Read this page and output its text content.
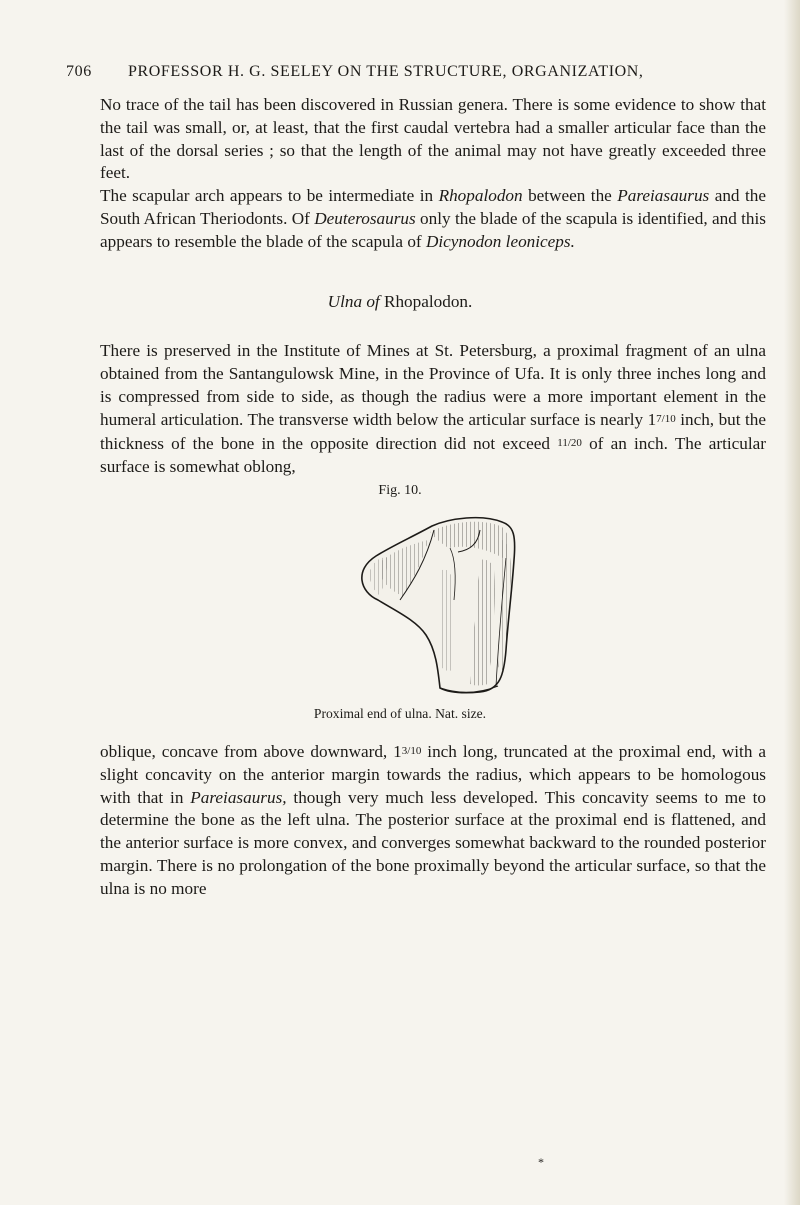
706 PROFESSOR H. G. SEELEY ON THE STRUCTURE, ORGANIZATION,

No trace of the tail has been discovered in Russian genera. There is some evidence to show that the tail was small, or, at least, that the first caudal vertebra had a smaller articular face than the last of the dorsal series ; so that the length of the animal may not have greatly exceeded three feet.

The scapular arch appears to be intermediate in Rhopalodon between the Pareiasaurus and the South African Theriodonts. Of Deuterosaurus only the blade of the scapula is identified, and this appears to resemble the blade of the scapula of Dicynodon leoniceps.

Ulna of Rhopalodon.

There is preserved in the Institute of Mines at St. Petersburg, a proximal fragment of an ulna obtained from the Santangulowsk Mine, in the Province of Ufa. It is only three inches long and is compressed from side to side, as though the radius were a more important element in the humeral articulation. The transverse width below the articular surface is nearly 17/10 inch, but the thickness of the bone in the opposite direction did not exceed 11/20 of an inch. The articular surface is somewhat oblong,

Fig. 10.
Proximal end of ulna. Nat. size.

oblique, concave from above downward, 13/10 inch long, truncated at the proximal end, with a slight concavity on the anterior margin towards the radius, which appears to be homologous with that in Pareiasaurus, though very much less developed. This concavity seems to me to determine the bone as the left ulna. The posterior surface at the proximal end is flattened, and the anterior surface is more convex, and converges somewhat backward to the rounded posterior margin. There is no prolongation of the bone proximally beyond the articular surface, so that the ulna is no more

*
